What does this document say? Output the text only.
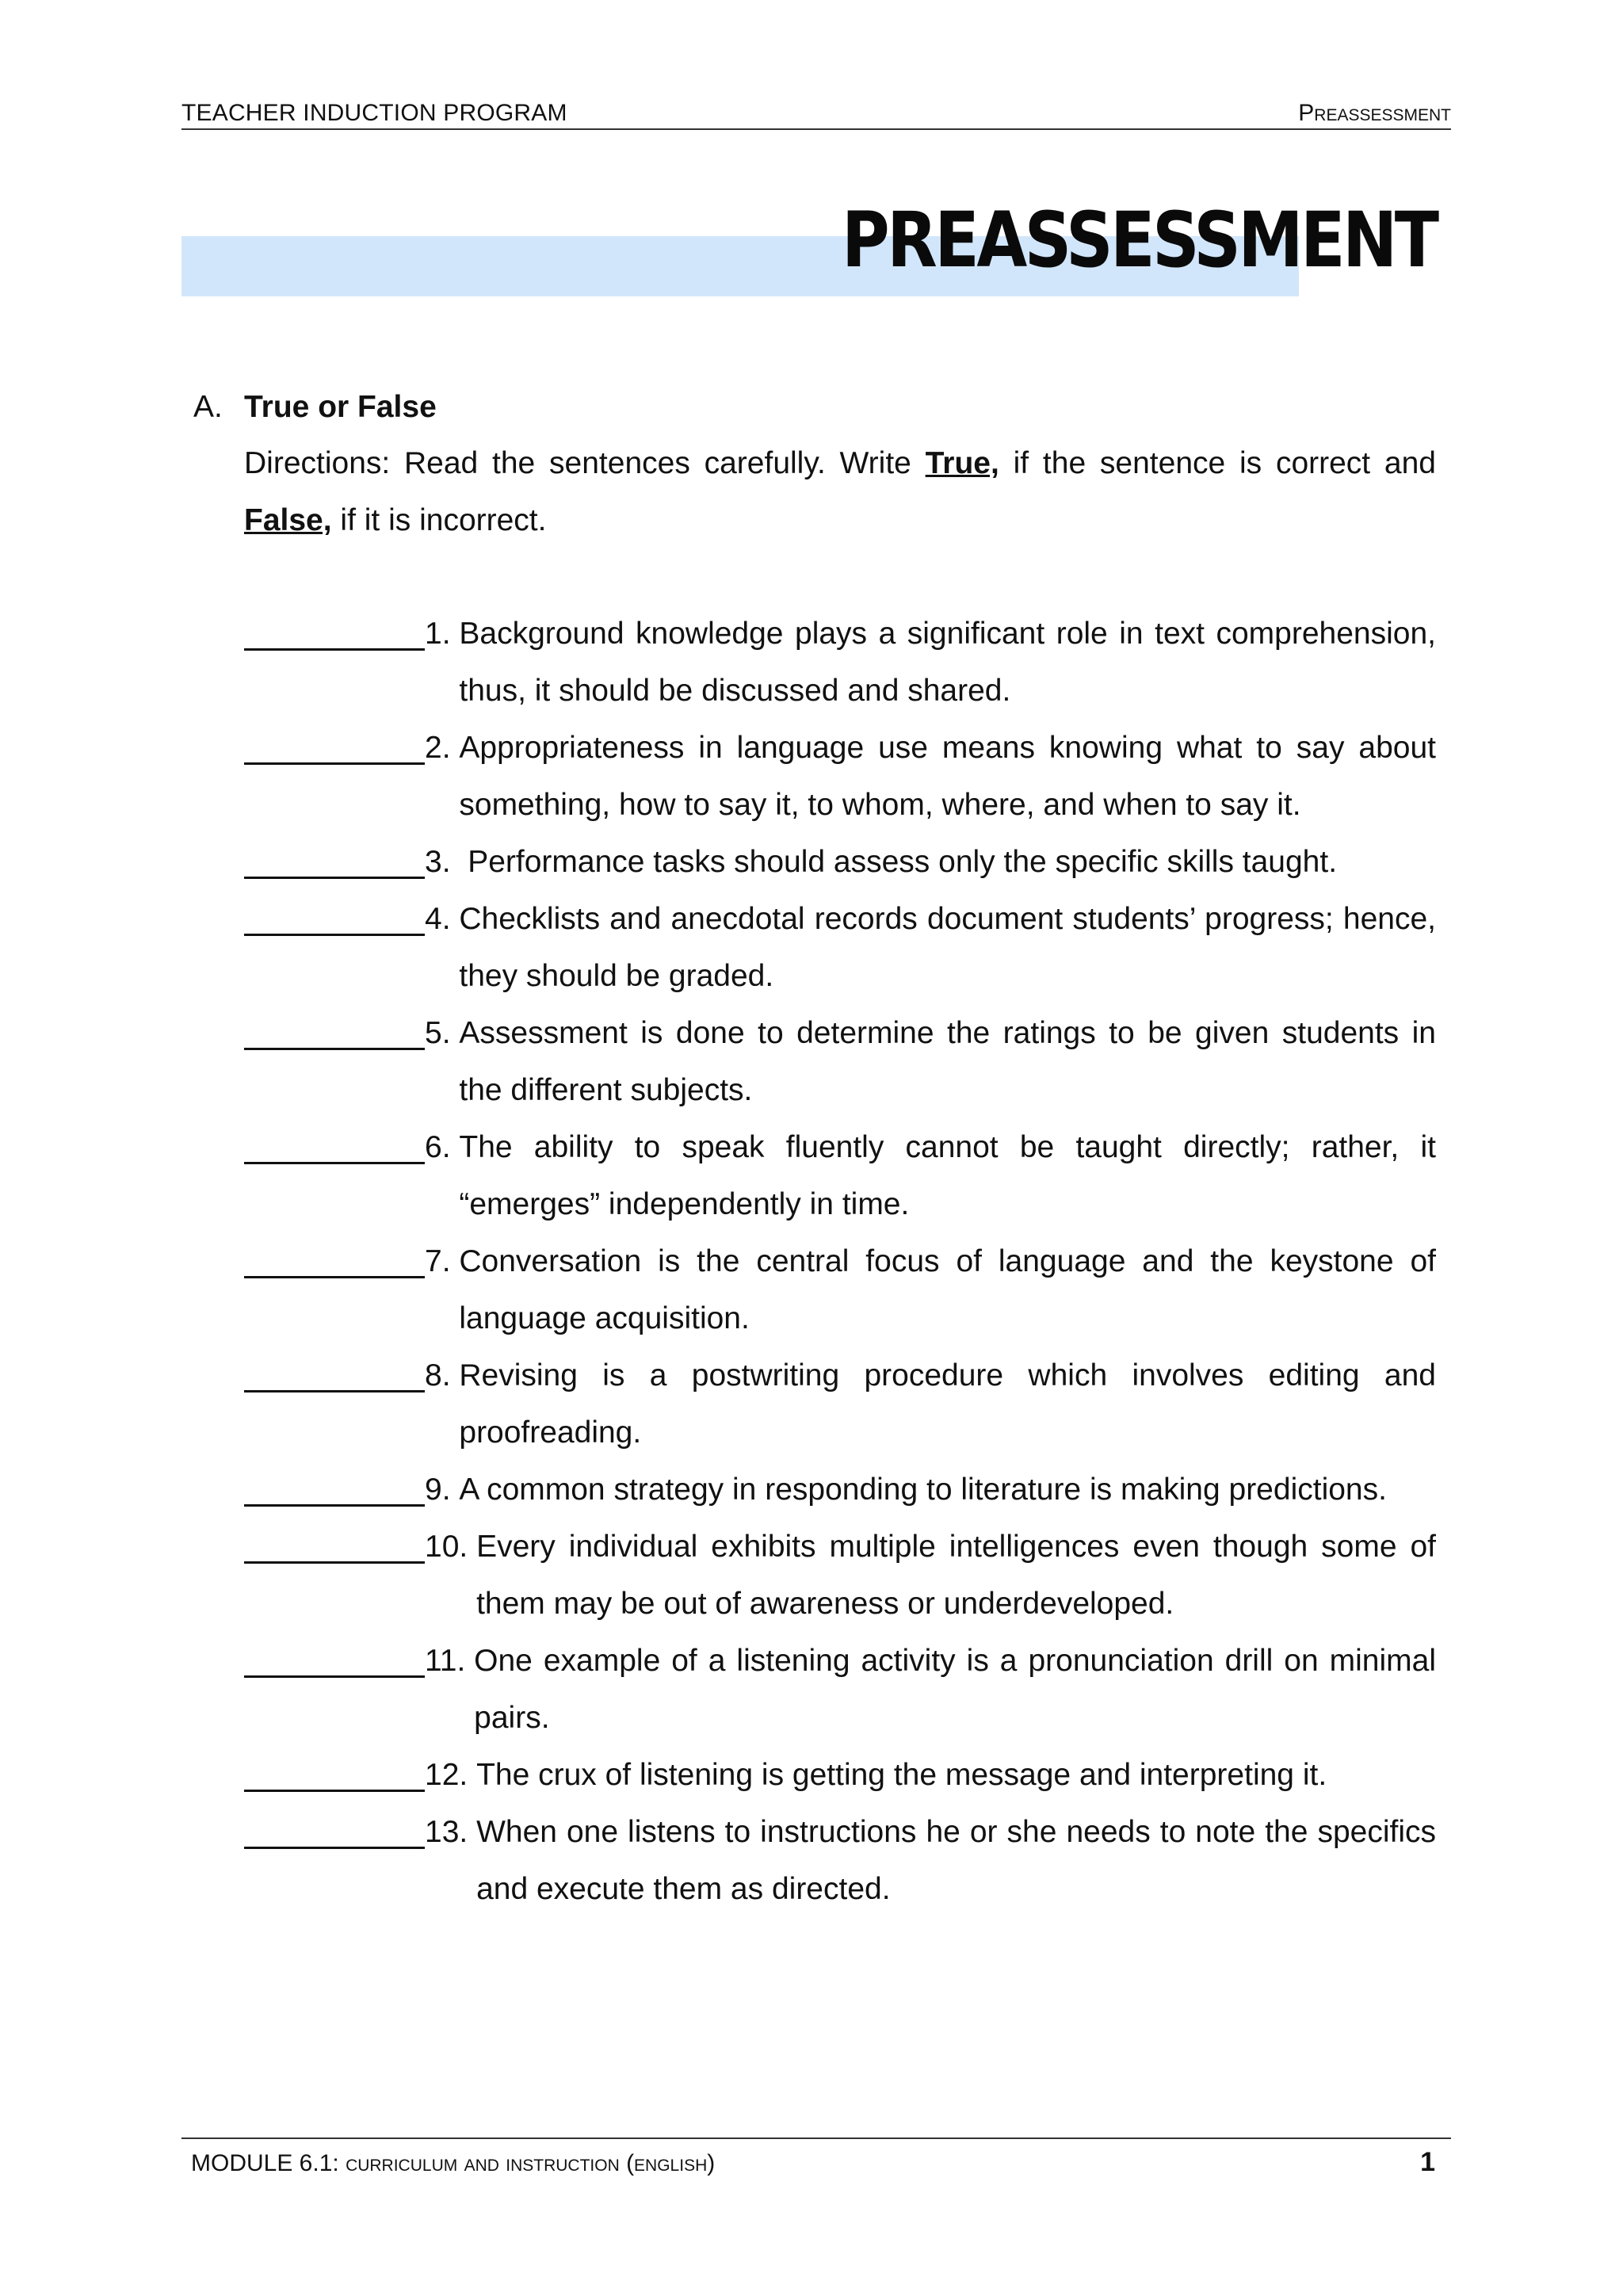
TEACHER INDUCTION PROGRAM	Preassessment
PREASSESSMENT
A. True or False
Directions: Read the sentences carefully. Write True, if the sentence is correct and False, if it is incorrect.
1. Background knowledge plays a significant role in text comprehension, thus, it should be discussed and shared.
2. Appropriateness in language use means knowing what to say about something, how to say it, to whom, where, and when to say it.
3. Performance tasks should assess only the specific skills taught.
4. Checklists and anecdotal records document students’ progress; hence, they should be graded.
5. Assessment is done to determine the ratings to be given students in the different subjects.
6. The ability to speak fluently cannot be taught directly; rather, it “emerges” independently in time.
7. Conversation is the central focus of language and the keystone of language acquisition.
8. Revising is a postwriting procedure which involves editing and proofreading.
9. A common strategy in responding to literature is making predictions.
10. Every individual exhibits multiple intelligences even though some of them may be out of awareness or underdeveloped.
11. One example of a listening activity is a pronunciation drill on minimal pairs.
12. The crux of listening is getting the message and interpreting it.
13. When one listens to instructions he or she needs to note the specifics and execute them as directed.
MODULE 6.1: curriculum and instruction (english)	1
